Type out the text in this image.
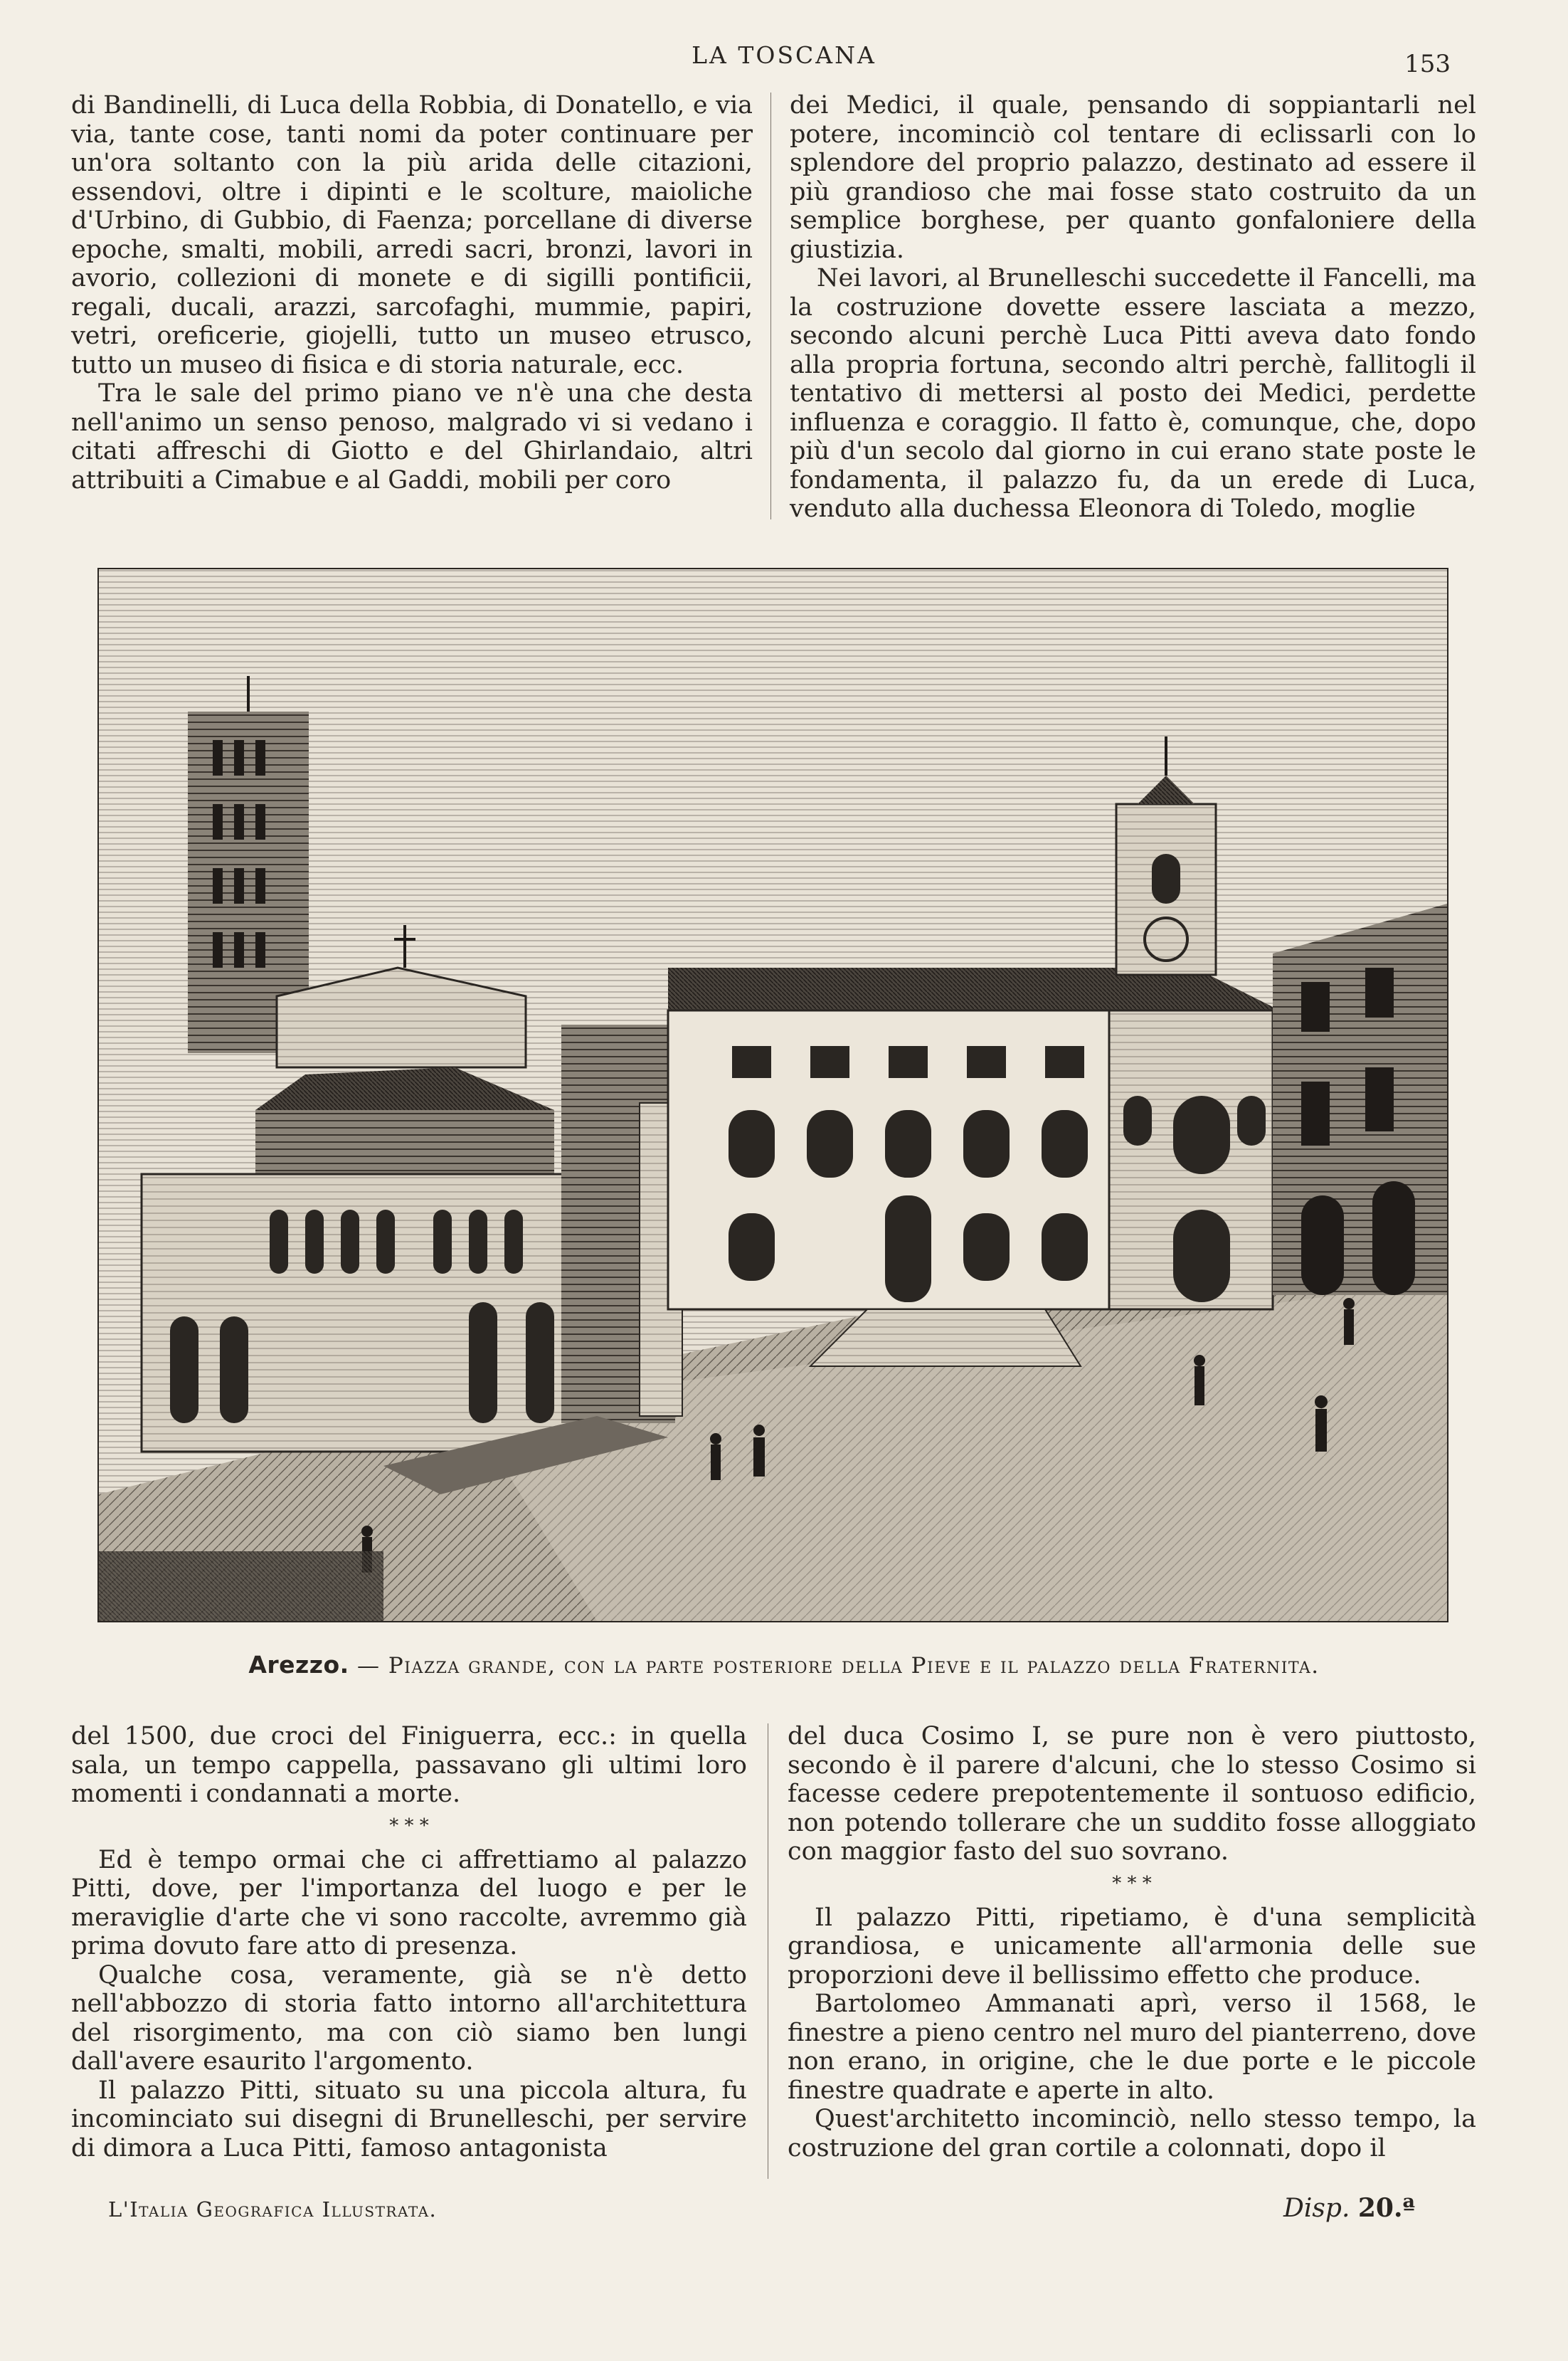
LA TOSCANA	153

di Bandinelli, di Luca della Robbia, di Donatello, e via via, tante cose, tanti nomi da poter continuare per un'ora soltanto con la più arida delle citazioni, essendovi, oltre i dipinti e le scolture, maioliche d'Urbino, di Gubbio, di Faenza; porcellane di diverse epoche, smalti, mobili, arredi sacri, bronzi, lavori in avorio, collezioni di monete e di sigilli pontificii, regali, ducali, arazzi, sarcofaghi, mummie, papiri, vetri, oreficerie, giojelli, tutto un museo etrusco, tutto un museo di fisica e di storia naturale, ecc.

Tra le sale del primo piano ve n'è una che desta nell'animo un senso penoso, malgrado vi si vedano i citati affreschi di Giotto e del Ghirlandaio, altri attribuiti a Cimabue e al Gaddi, mobili per coro

dei Medici, il quale, pensando di soppiantarli nel potere, incominciò col tentare di eclissarli con lo splendore del proprio palazzo, destinato ad essere il più grandioso che mai fosse stato costruito da un semplice borghese, per quanto gonfaloniere della giustizia.

Nei lavori, al Brunelleschi succedette il Fancelli, ma la costruzione dovette essere lasciata a mezzo, secondo alcuni perchè Luca Pitti aveva dato fondo alla propria fortuna, secondo altri perchè, fallitogli il tentativo di mettersi al posto dei Medici, perdette influenza e coraggio. Il fatto è, comunque, che, dopo più d'un secolo dal giorno in cui erano state poste le fondamenta, il palazzo fu, da un erede di Luca, venduto alla duchessa Eleonora di Toledo, moglie

Arezzo. — Piazza grande, con la parte posteriore della Pieve e il palazzo della Fraternita.

del 1500, due croci del Finiguerra, ecc.: in quella sala, un tempo cappella, passavano gli ultimi loro momenti i condannati a morte.

* * *

Ed è tempo ormai che ci affrettiamo al palazzo Pitti, dove, per l'importanza del luogo e per le meraviglie d'arte che vi sono raccolte, avremmo già prima dovuto fare atto di presenza.

Qualche cosa, veramente, già se n'è detto nell'abbozzo di storia fatto intorno all'architettura del risorgimento, ma con ciò siamo ben lungi dall'avere esaurito l'argomento.

Il palazzo Pitti, situato su una piccola altura, fu incominciato sui disegni di Brunelleschi, per servire di dimora a Luca Pitti, famoso antagonista

del duca Cosimo I, se pure non è vero piuttosto, secondo è il parere d'alcuni, che lo stesso Cosimo si facesse cedere prepotentemente il sontuoso edificio, non potendo tollerare che un suddito fosse alloggiato con maggior fasto del suo sovrano.

* * *

Il palazzo Pitti, ripetiamo, è d'una semplicità grandiosa, e unicamente all'armonia delle sue proporzioni deve il bellissimo effetto che produce.

Bartolomeo Ammanati aprì, verso il 1568, le finestre a pieno centro nel muro del pianterreno, dove non erano, in origine, che le due porte e le piccole finestre quadrate e aperte in alto.

Quest'architetto incominciò, nello stesso tempo, la costruzione del gran cortile a colonnati, dopo il

L'Italia Geografica Illustrata.	Disp. 20.ª
